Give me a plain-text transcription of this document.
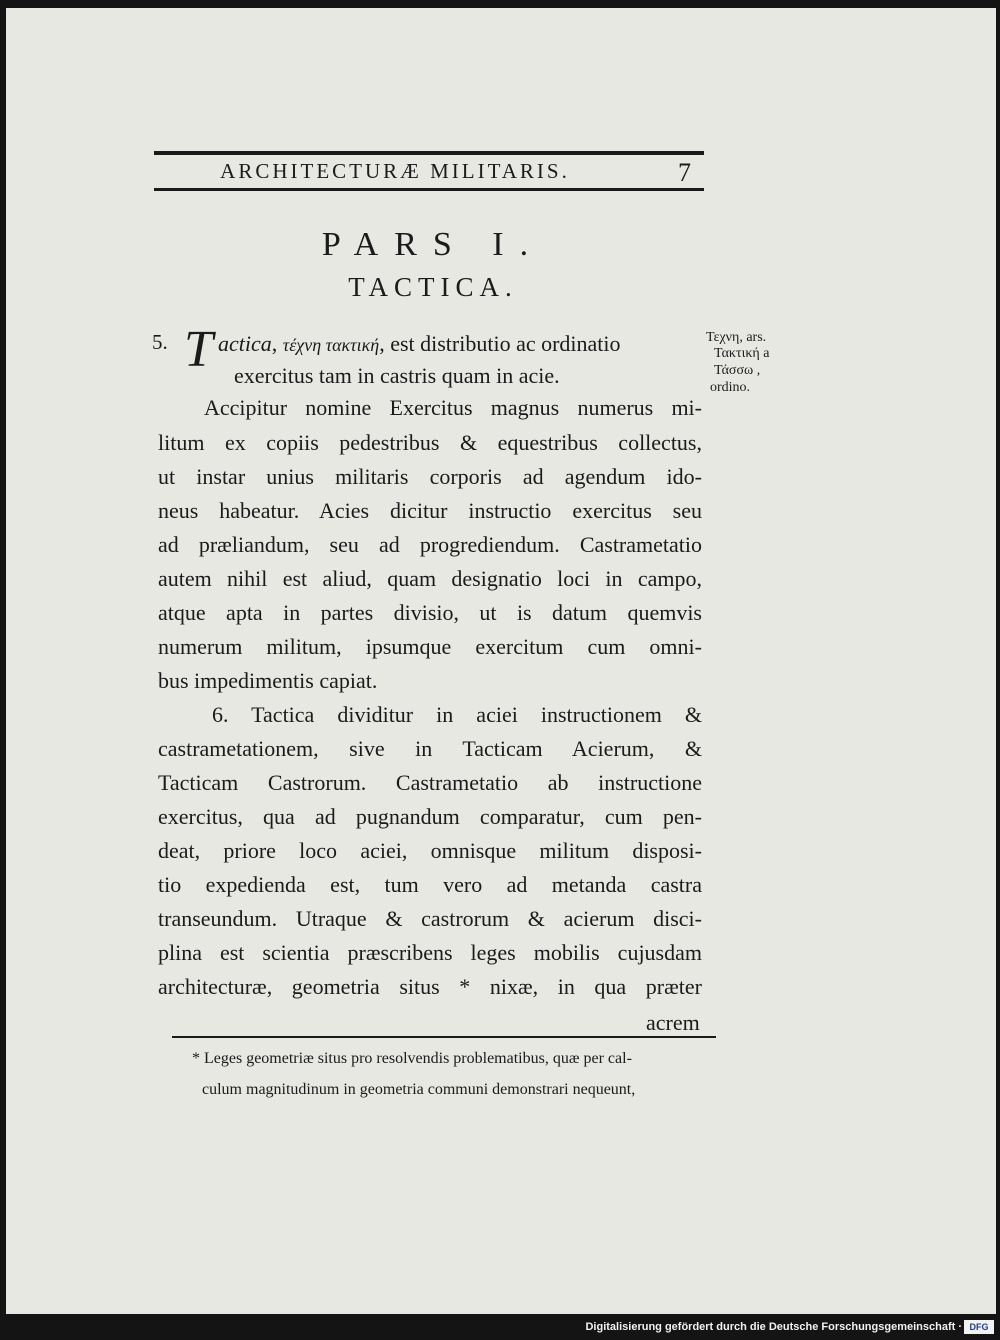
ARCHITECTURÆ MILITARIS.	7
PARS I.
TACTICA.
5. T actica, τέχνη τακτική, est distributio ac ordinatio
exercitus tam in castris quam in acie.
Τεχνη, ars.
Τακτική a
Τάσσω ,
ordino.
Accipitur nomine Exercitus magnus numerus mi-
litum ex copiis pedestribus & equestribus collectus,
ut instar unius militaris corporis ad agendum ido-
neus habeatur. Acies dicitur instructio exercitus seu
ad præliandum, seu ad progrediendum. Castrametatio
autem nihil est aliud, quam designatio loci in campo,
atque apta in partes divisio, ut is datum quemvis
numerum militum, ipsumque exercitum cum omni-
bus impedimentis capiat.
6. Tactica dividitur in aciei instructionem &
castrametationem, sive in Tacticam Acierum, &
Tacticam Castrorum. Castrametatio ab instructione
exercitus, qua ad pugnandum comparatur, cum pen-
deat, priore loco aciei, omnisque militum disposi-
tio expedienda est, tum vero ad metanda castra
transeundum. Utraque & castrorum & acierum disci-
plina est scientia præscribens leges mobilis cujusdam
architecturæ, geometria situs * nixæ, in qua præter
acrem
* Leges geometriæ situs pro resolvendis problematibus, quæ per cal-
culum magnitudinum in geometria communi demonstrari nequeunt,
Digitalisierung gefördert durch die Deutsche Forschungsgemeinschaft · DFG
